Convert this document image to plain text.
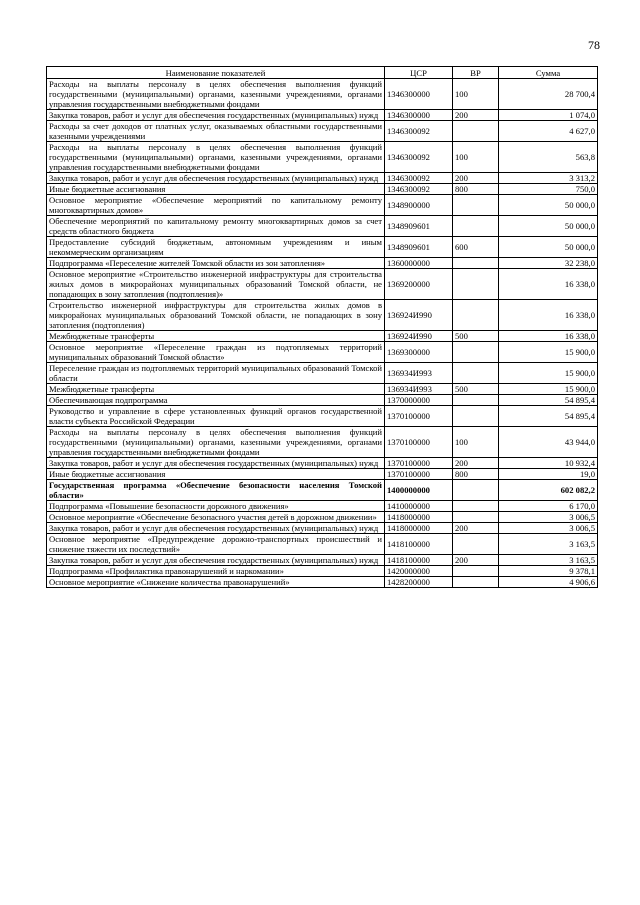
78
Наименование показателей	ЦСР	ВР	Сумма
Расходы на выплаты персоналу в целях обеспечения выполнения функций государственными (муниципальными) органами, казенными учреждениями, органами управления государственными внебюджетными фондами	1346300000	100	28 700,4
Закупка товаров, работ и услуг для обеспечения государственных (муниципальных) нужд	1346300000	200	1 074,0
Расходы за счет доходов от платных услуг, оказываемых областными государственными казенными учреждениями	1346300092		4 627,0
Расходы на выплаты персоналу в целях обеспечения выполнения функций государственными (муниципальными) органами, казенными учреждениями, органами управления государственными внебюджетными фондами	1346300092	100	563,8
Закупка товаров, работ и услуг для обеспечения государственных (муниципальных) нужд	1346300092	200	3 313,2
Иные бюджетные ассигнования	1346300092	800	750,0
Основное мероприятие «Обеспечение мероприятий по капитальному ремонту многоквартирных домов»	1348900000		50 000,0
Обеспечение мероприятий по капитальному ремонту многоквартирных домов за счет средств областного бюджета	1348909601		50 000,0
Предоставление субсидий бюджетным, автономным учреждениям и иным некоммерческим организациям	1348909601	600	50 000,0
Подпрограмма «Переселение жителей Томской области из зон затопления»	1360000000		32 238,0
Основное мероприятие «Строительство инженерной инфраструктуры для строительства жилых домов в микрорайонах муниципальных образований Томской области, не попадающих в зону затопления (подтопления)»	1369200000		16 338,0
Строительство инженерной инфраструктуры для строительства жилых домов в микрорайонах муниципальных образований Томской области, не попадающих в зону затопления (подтопления)	136924И990		16 338,0
Межбюджетные трансферты	136924И990	500	16 338,0
Основное мероприятие «Переселение граждан из подтопляемых территорий муниципальных образований Томской области»	1369300000		15 900,0
Переселение граждан из подтопляемых территорий муниципальных образований Томской области	136934И993		15 900,0
Межбюджетные трансферты	136934И993	500	15 900,0
Обеспечивающая подпрограмма	1370000000		54 895,4
Руководство и управление в сфере установленных функций органов государственной власти субъекта Российской Федерации	1370100000		54 895,4
Расходы на выплаты персоналу в целях обеспечения выполнения функций государственными (муниципальными) органами, казенными учреждениями, органами управления государственными внебюджетными фондами	1370100000	100	43 944,0
Закупка товаров, работ и услуг для обеспечения государственных (муниципальных) нужд	1370100000	200	10 932,4
Иные бюджетные ассигнования	1370100000	800	19,0
Государственная программа «Обеспечение безопасности населения Томской области»	1400000000		602 082,2
Подпрограмма «Повышение безопасности дорожного движения»	1410000000		6 170,0
Основное мероприятие «Обеспечение безопасного участия детей в дорожном движении»	1418000000		3 006,5
Закупка товаров, работ и услуг для обеспечения государственных (муниципальных) нужд	1418000000	200	3 006,5
Основное мероприятие «Предупреждение дорожно-транспортных происшествий и снижение тяжести их последствий»	1418100000		3 163,5
Закупка товаров, работ и услуг для обеспечения государственных (муниципальных) нужд	1418100000	200	3 163,5
Подпрограмма «Профилактика правонарушений и наркомании»	1420000000		9 378,1
Основное мероприятие «Снижение количества правонарушений»	1428200000		4 906,6
